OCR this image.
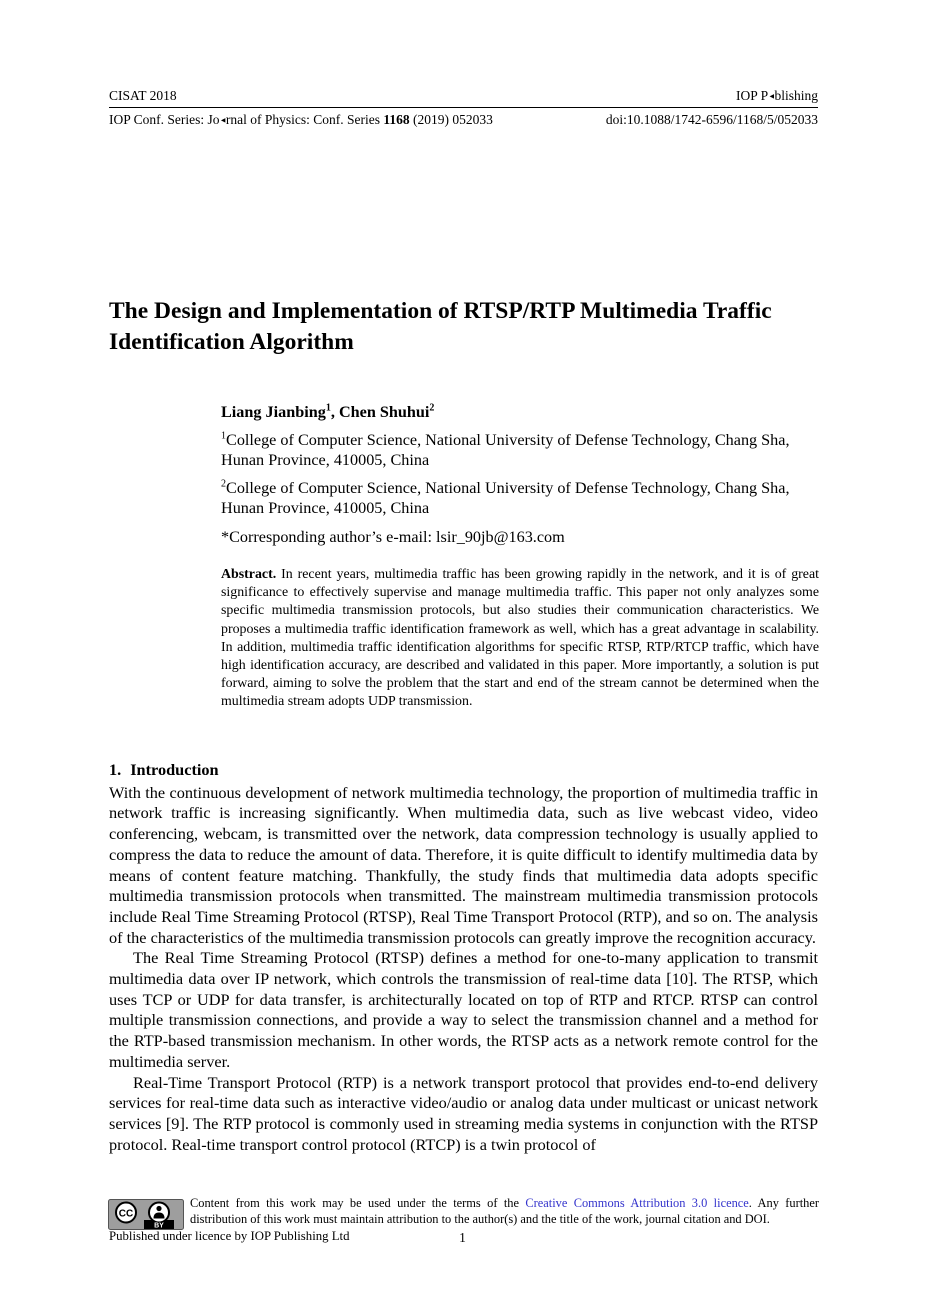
CISAT 2018	IOP P◄blishing
IOP Conf. Series: Jo◄rnal of Physics: Conf. Series 1168 (2019) 052033	doi:10.1088/1742-6596/1168/5/052033
The Design and Implementation of RTSP/RTP Multimedia Traffic Identification Algorithm

Liang Jianbing$^1$, Chen Shuhui$^2$

$^1$College of Computer Science, National University of Defense Technology, Chang Sha, Hunan Province, 410005, China

$^2$College of Computer Science, National University of Defense Technology, Chang Sha, Hunan Province, 410005, China

*Corresponding author’s e-mail: lsir_90jb@163.com

Abstract. In recent years, multimedia traffic has been growing rapidly in the network, and it is of great significance to effectively supervise and manage multimedia traffic. This paper not only analyzes some specific multimedia transmission protocols, but also studies their communication characteristics. We proposes a multimedia traffic identification framework as well, which has a great advantage in scalability. In addition, multimedia traffic identification algorithms for specific RTSP, RTP/RTCP traffic, which have high identification accuracy, are described and validated in this paper. More importantly, a solution is put forward, aiming to solve the problem that the start and end of the stream cannot be determined when the multimedia stream adopts UDP transmission.
1. Introduction

With the continuous development of network multimedia technology, the proportion of multimedia traffic in network traffic is increasing significantly. When multimedia data, such as live webcast video, video conferencing, webcam, is transmitted over the network, data compression technology is usually applied to compress the data to reduce the amount of data. Therefore, it is quite difficult to identify multimedia data by means of content feature matching. Thankfully, the study finds that multimedia data adopts specific multimedia transmission protocols when transmitted. The mainstream multimedia transmission protocols include Real Time Streaming Protocol (RTSP), Real Time Transport Protocol (RTP), and so on. The analysis of the characteristics of the multimedia transmission protocols can greatly improve the recognition accuracy.

The Real Time Streaming Protocol (RTSP) defines a method for one-to-many application to transmit multimedia data over IP network, which controls the transmission of real-time data [10]. The RTSP, which uses TCP or UDP for data transfer, is architecturally located on top of RTP and RTCP. RTSP can control multiple transmission connections, and provide a way to select the transmission channel and a method for the RTP-based transmission mechanism. In other words, the RTSP acts as a network remote control for the multimedia server.

Real-Time Transport Protocol (RTP) is a network transport protocol that provides end-to-end delivery services for real-time data such as interactive video/audio or analog data under multicast or unicast network services [9]. The RTP protocol is commonly used in streaming media systems in conjunction with the RTSP protocol. Real-time transport control protocol (RTCP) is a twin protocol of

CC
BY
Content from this work may be used under the terms of the Creative Commons Attribution 3.0 licence. Any further distribution of this work must maintain attribution to the author(s) and the title of the work, journal citation and DOI.

Published under licence by IOP Publishing Ltd	1
